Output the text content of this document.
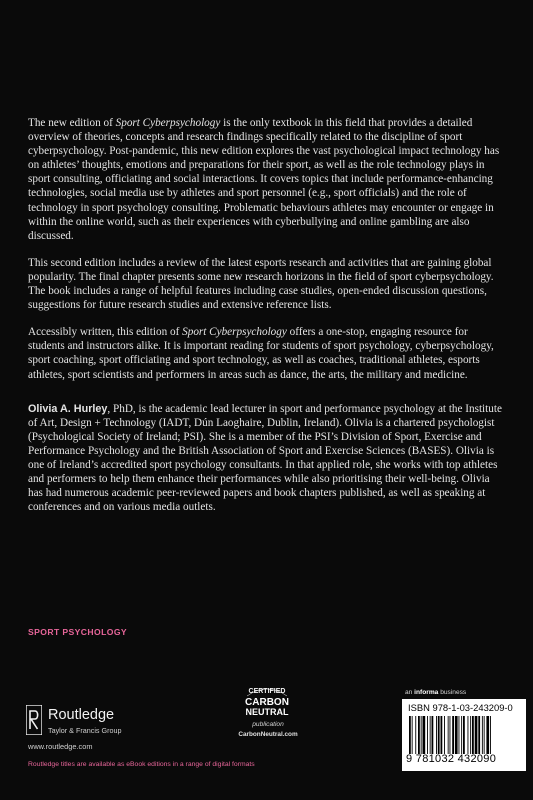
The new edition of Sport Cyberpsychology is the only textbook in this field that provides a detailed overview of theories, concepts and research findings specifically related to the discipline of sport cyberpsychology. Post-pandemic, this new edition explores the vast psychological impact technology has on athletes’ thoughts, emotions and preparations for their sport, as well as the role technology plays in sport consulting, officiating and social interactions. It covers topics that include performance-enhancing technologies, social media use by athletes and sport personnel (e.g., sport officials) and the role of technology in sport psychology consulting. Problematic behaviours athletes may encounter or engage in within the online world, such as their experiences with cyberbullying and online gambling are also discussed.

This second edition includes a review of the latest esports research and activities that are gaining global popularity. The final chapter presents some new research horizons in the field of sport cyberpsychology. The book includes a range of helpful features including case studies, open-ended discussion questions, suggestions for future research studies and extensive reference lists.

Accessibly written, this edition of Sport Cyberpsychology offers a one-stop, engaging resource for students and instructors alike. It is important reading for students of sport psychology, cyberpsychology, sport coaching, sport officiating and sport technology, as well as coaches, traditional athletes, esports athletes, sport scientists and performers in areas such as dance, the arts, the military and medicine.

Olivia A. Hurley, PhD, is the academic lead lecturer in sport and performance psychology at the Institute of Art, Design + Technology (IADT, Dún Laoghaire, Dublin, Ireland). Olivia is a chartered psychologist (Psychological Society of Ireland; PSI). She is a member of the PSI’s Division of Sport, Exercise and Performance Psychology and the British Association of Sport and Exercise Sciences (BASES). Olivia is one of Ireland’s accredited sport psychology consultants. In that applied role, she works with top athletes and performers to help them enhance their performances while also prioritising their well-being. Olivia has had numerous academic peer-reviewed papers and book chapters published, as well as speaking at conferences and on various media outlets.

SPORT PSYCHOLOGY
Routledge
Taylor & Francis Group
www.routledge.com
Routledge titles are available as eBook editions in a range of digital formats
CERTIFIED
CARBON
NEUTRAL
publication
CarbonNeutral.com
an informa business
ISBN 978-1-03-243209-0
9 781032 432090
